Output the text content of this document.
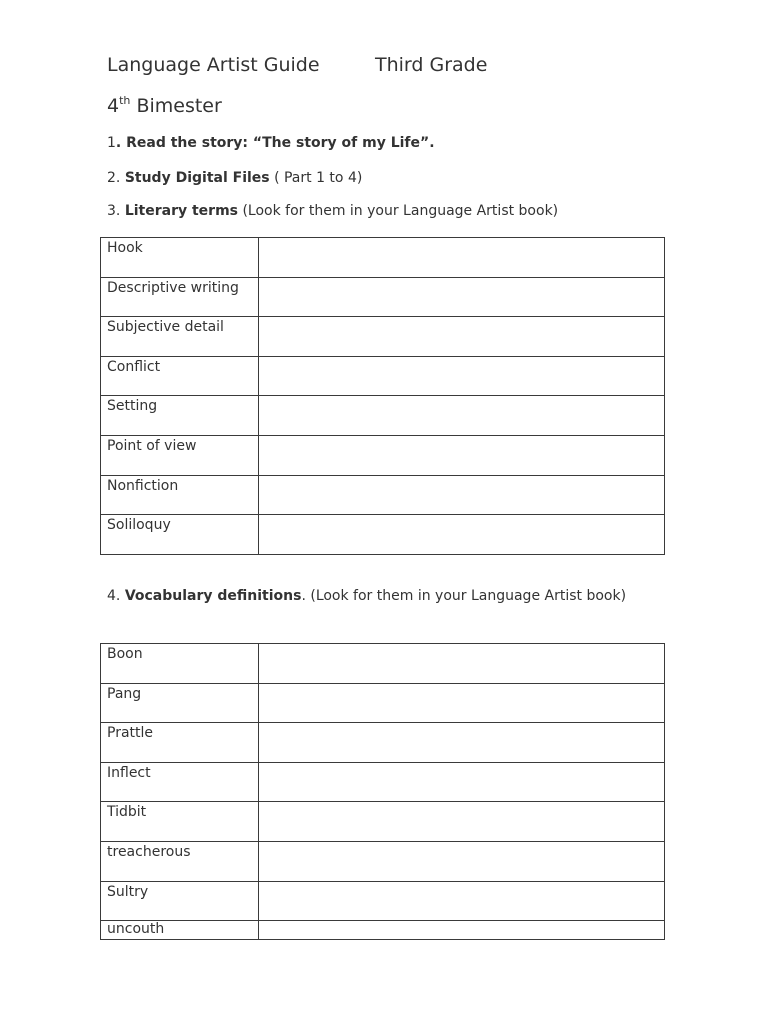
Language Artist Guide	Third Grade
4th Bimester
1. Read the story: “The story of my Life”.
2. Study Digital Files ( Part 1 to 4)
3. Literary terms (Look for them in your Language Artist book)
Hook	
Descriptive writing	
Subjective detail	
Conflict	
Setting	
Point of view	
Nonfiction	
Soliloquy	
4. Vocabulary definitions. (Look for them in your Language Artist book)
Boon	
Pang	
Prattle	
Inflect	
Tidbit	
treacherous	
Sultry	
uncouth	
